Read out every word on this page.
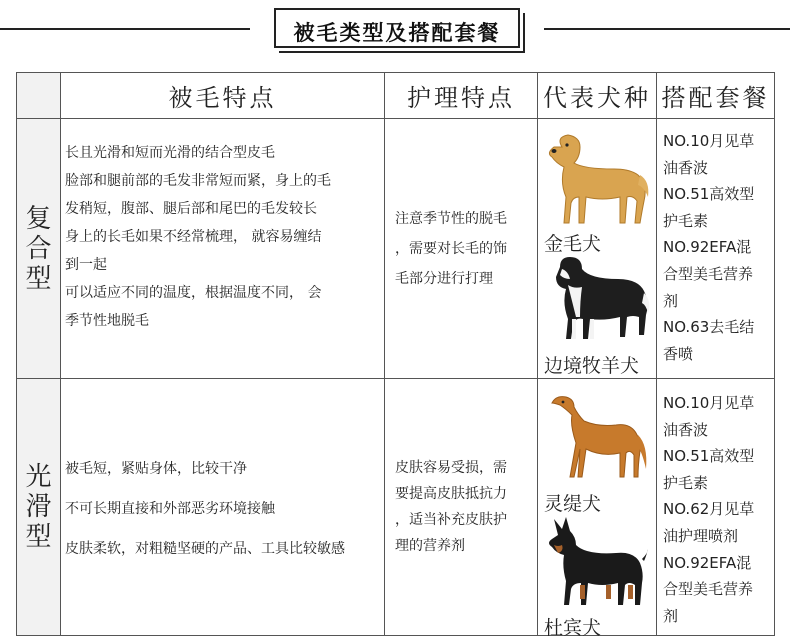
被毛类型及搭配套餐
被毛特点	护理特点	代表犬种 搭配套餐
复合型

长且光滑和短而光滑的结合型皮毛

脸部和腿前部的毛发非常短而紧，身上的毛

发稍短，腹部、腿后部和尾巴的毛发较长

身上的长毛如果不经常梳理， 就容易缠结

到一起

可以适应不同的温度，根据温度不同， 会

季节性地脱毛

注意季节性的脱毛
，需要对长毛的饰
毛部分进行打理
金毛犬
边境牧羊犬

NO.10月见草

油香波

NO.51高效型

护毛素

NO.92EFA混

合型美毛营养

剂

NO.63去毛结

香喷

光滑型

被毛短，紧贴身体，比较干净

不可长期直接和外部恶劣环境接触

皮肤柔软，对粗糙坚硬的产品、工具比较敏感

皮肤容易受损，需
要提高皮肤抵抗力
，适当补充皮肤护
理的营养剂
灵缇犬
杜宾犬

NO.10月见草

油香波

NO.51高效型

护毛素

NO.62月见草

油护理喷剂

NO.92EFA混

合型美毛营养

剂
